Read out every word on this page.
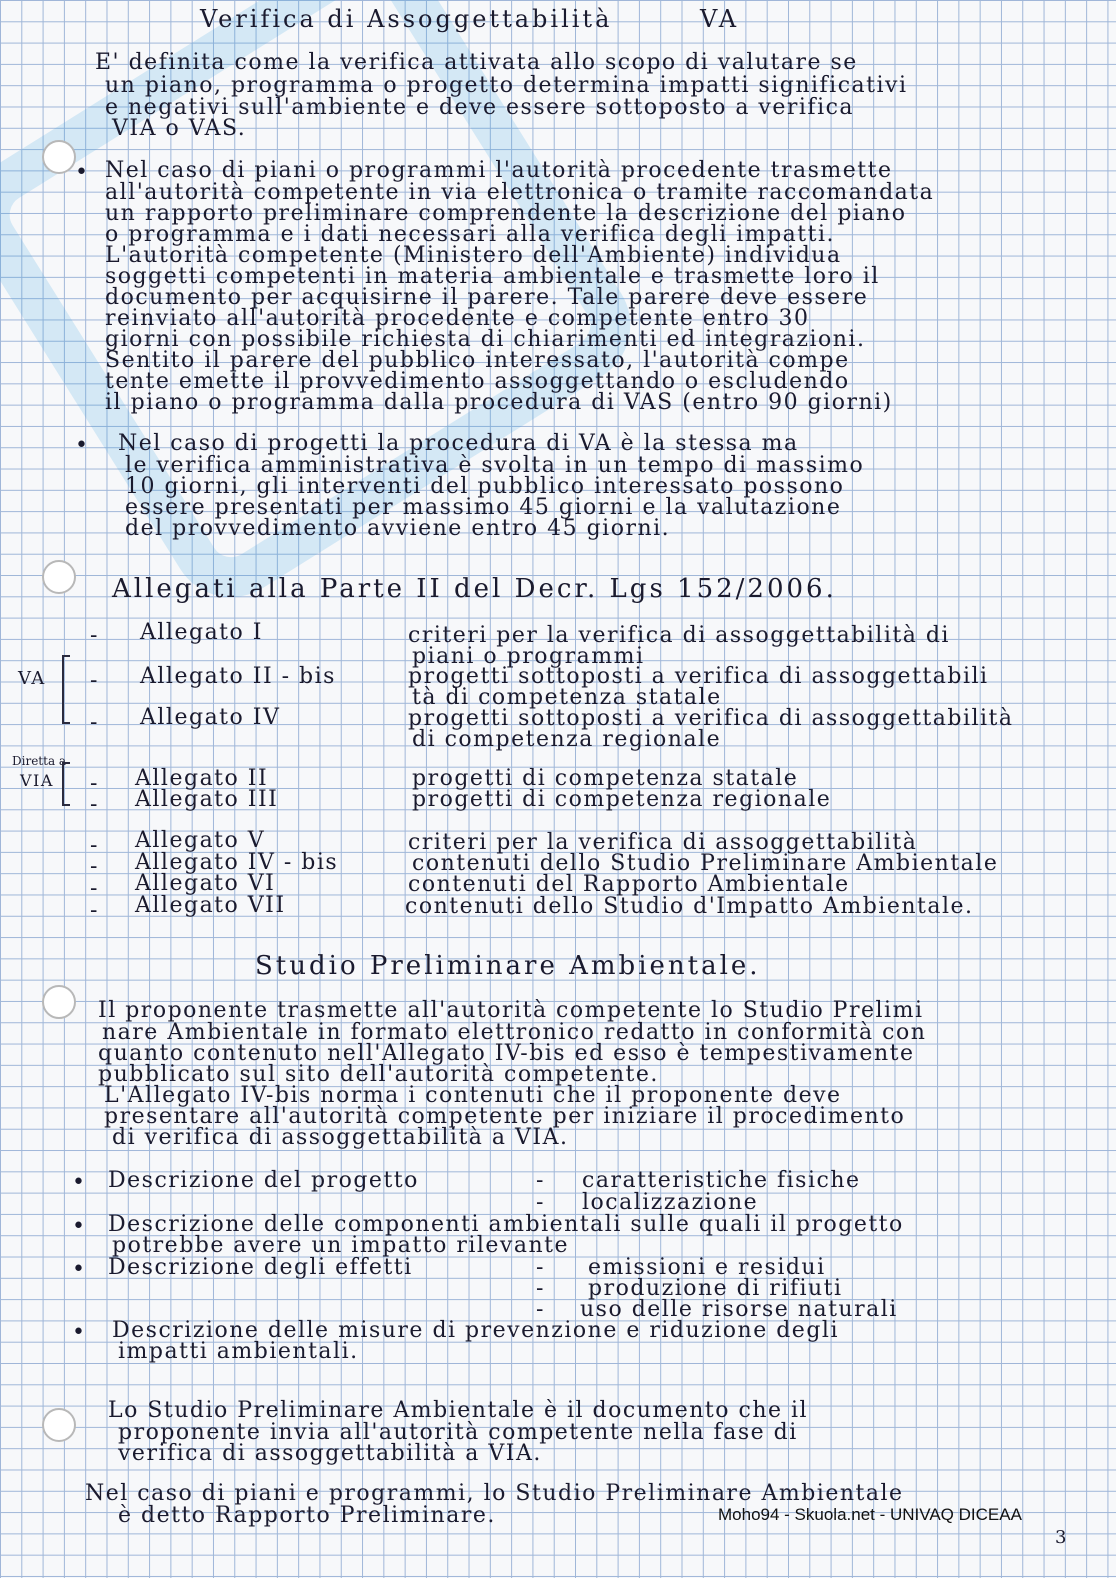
Verifica di Assoggettabilità	VA
E' definita come la verifica attivata allo scopo di valutare se
un piano, programma o progetto determina impatti significativi
e negativi sull'ambiente e deve essere sottoposto a verifica
VIA o VAS.
• Nel caso di piani o programmi l'autorità procedente trasmette
all'autorità competente in via elettronica o tramite raccomandata
un rapporto preliminare comprendente la descrizione del piano
o programma e i dati necessari alla verifica degli impatti.
L'autorità competente (Ministero dell'Ambiente) individua
soggetti competenti in materia ambientale e trasmette loro il
documento per acquisirne il parere. Tale parere deve essere
reinviato all'autorità procedente e competente entro 30
giorni con possibile richiesta di chiarimenti ed integrazioni.
Sentito il parere del pubblico interessato, l'autorità compe
tente emette il provvedimento assoggettando o escludendo
il piano o programma dalla procedura di VAS (entro 90 giorni)
• Nel caso di progetti la procedura di VA è la stessa ma
le verifica amministrativa è svolta in un tempo di massimo
10 giorni, gli interventi del pubblico interessato possono
essere presentati per massimo 45 giorni e la valutazione
del provvedimento avviene entro 45 giorni.
Allegati alla Parte II del Decr. Lgs 152/2006.
VA
Diretta a
VIA
- Allegato I	criteri per la verifica di assoggettabilità di
piani o programmi
- Allegato II - bis	progetti sottoposti a verifica di assoggettabili
tà di competenza statale
- Allegato IV	progetti sottoposti a verifica di assoggettabilità
di competenza regionale
- Allegato II	progetti di competenza statale
- Allegato III	progetti di competenza regionale
- Allegato V	criteri per la verifica di assoggettabilità
- Allegato IV - bis	contenuti dello Studio Preliminare Ambientale
- Allegato VI	contenuti del Rapporto Ambientale
- Allegato VII	contenuti dello Studio d'Impatto Ambientale.
Studio Preliminare Ambientale.
Il proponente trasmette all'autorità competente lo Studio Prelimi
nare Ambientale in formato elettronico redatto in conformità con
quanto contenuto nell'Allegato IV-bis ed esso è tempestivamente
pubblicato sul sito dell'autorità competente.
L'Allegato IV-bis norma i contenuti che il proponente deve
presentare all'autorità competente per iniziare il procedimento
di verifica di assoggettabilità a VIA.
• Descrizione del progetto	- caratteristiche fisiche
- localizzazione
• Descrizione delle componenti ambientali sulle quali il progetto
potrebbe avere un impatto rilevante
• Descrizione degli effetti	- emissioni e residui
- produzione di rifiuti
- uso delle risorse naturali
• Descrizione delle misure di prevenzione e riduzione degli
impatti ambientali.
Lo Studio Preliminare Ambientale è il documento che il
proponente invia all'autorità competente nella fase di
verifica di assoggettabilità a VIA.
Nel caso di piani e programmi, lo Studio Preliminare Ambientale
è detto Rapporto Preliminare.	Moho94 - Skuola.net - UNIVAQ DICEAA
3
